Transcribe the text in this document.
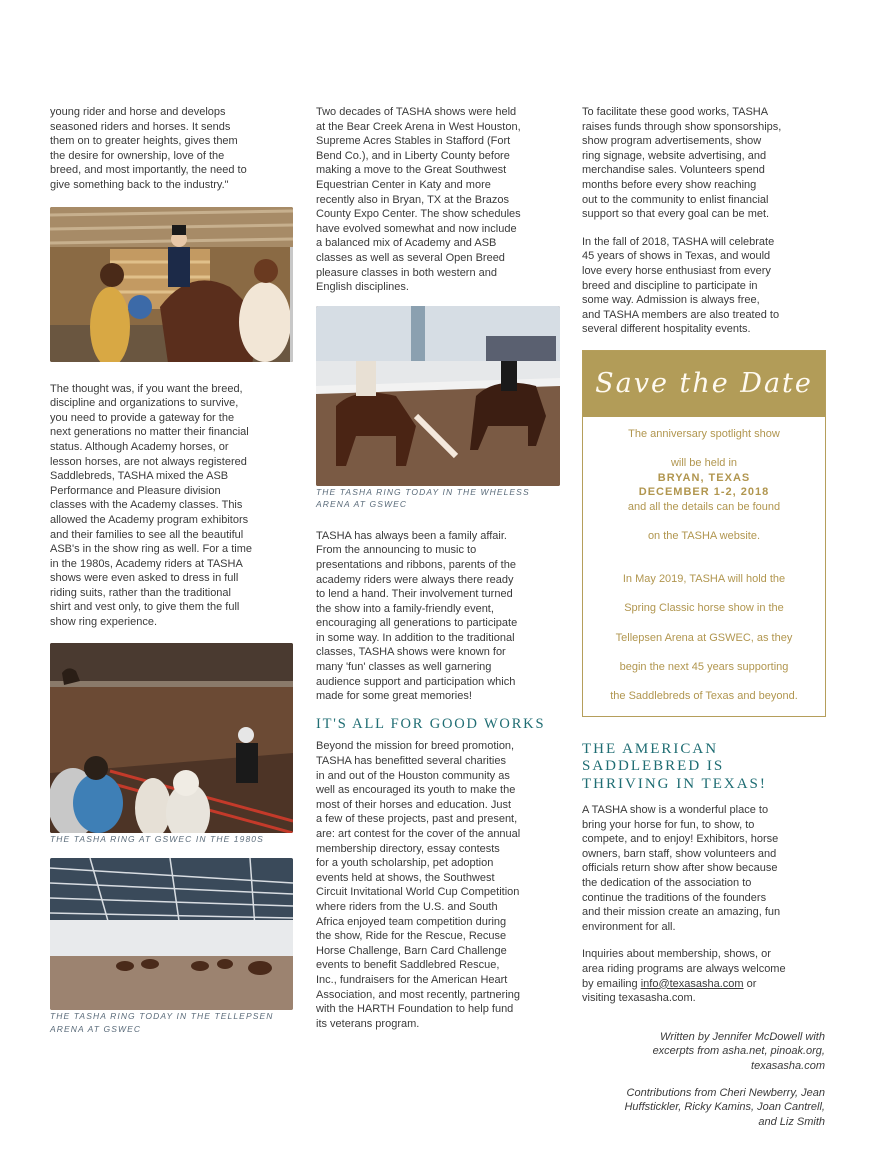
young rider and horse and develops
seasoned riders and horses. It sends
them on to greater heights, gives them
the desire for ownership, love of the
breed, and most importantly, the need to
give something back to the industry."

The thought was, if you want the breed,
discipline and organizations to survive,
you need to provide a gateway for the
next generations no matter their financial
status. Although Academy horses, or
lesson horses, are not always registered
Saddlebreds, TASHA mixed the ASB
Performance and Pleasure division
classes with the Academy classes. This
allowed the Academy program exhibitors
and their families to see all the beautiful
ASB's in the show ring as well. For a time
in the 1980s, Academy riders at TASHA
shows were even asked to dress in full
riding suits, rather than the traditional
shirt and vest only, to give them the full
show ring experience.

THE TASHA RING AT GSWEC IN THE 1980S

THE TASHA RING TODAY IN THE TELLEPSEN
ARENA AT GSWEC

Two decades of TASHA shows were held
at the Bear Creek Arena in West Houston,
Supreme Acres Stables in Stafford (Fort
Bend Co.), and in Liberty County before
making a move to the Great Southwest
Equestrian Center in Katy and more
recently also in Bryan, TX at the Brazos
County Expo Center. The show schedules
have evolved somewhat and now include
a balanced mix of Academy and ASB
classes as well as several Open Breed
pleasure classes in both western and
English disciplines.

THE TASHA RING TODAY IN THE WHELESS
ARENA AT GSWEC

TASHA has always been a family affair.
From the announcing to music to
presentations and ribbons, parents of the
academy riders were always there ready
to lend a hand. Their involvement turned
the show into a family-friendly event,
encouraging all generations to participate
in some way. In addition to the traditional
classes, TASHA shows were known for
many 'fun' classes as well garnering
audience support and participation which
made for some great memories!

IT'S ALL FOR GOOD WORKS

Beyond the mission for breed promotion,
TASHA has benefitted several charities
in and out of the Houston community as
well as encouraged its youth to make the
most of their horses and education. Just
a few of these projects, past and present,
are: art contest for the cover of the annual
membership directory, essay contests
for a youth scholarship, pet adoption
events held at shows, the Southwest
Circuit Invitational World Cup Competition
where riders from the U.S. and South
Africa enjoyed team competition during
the show, Ride for the Rescue, Recuse
Horse Challenge, Barn Card Challenge
events to benefit Saddlebred Rescue,
Inc., fundraisers for the American Heart
Association, and most recently, partnering
with the HARTH Foundation to help fund
its veterans program.

To facilitate these good works, TASHA
raises funds through show sponsorships,
show program advertisements, show
ring signage, website advertising, and
merchandise sales. Volunteers spend
months before every show reaching
out to the community to enlist financial
support so that every goal can be met.

In the fall of 2018, TASHA will celebrate
45 years of shows in Texas, and would
love every horse enthusiast from every
breed and discipline to participate in
some way. Admission is always free,
and TASHA members are also treated to
several different hospitality events.

Save the Date

The anniversary spotlight show

will be held in

BRYAN, TEXAS
DECEMBER 1-2, 2018

and all the details can be found

on the TASHA website.

In May 2019, TASHA will hold the

Spring Classic horse show in the

Tellepsen Arena at GSWEC, as they

begin the next 45 years supporting

the Saddlebreds of Texas and beyond.

THE AMERICAN
SADDLEBRED IS
THRIVING IN TEXAS!

A TASHA show is a wonderful place to
bring your horse for fun, to show, to
compete, and to enjoy! Exhibitors, horse
owners, barn staff, show volunteers and
officials return show after show because
the dedication of the association to
continue the traditions of the founders
and their mission create an amazing, fun
environment for all.

Inquiries about membership, shows, or
area riding programs are always welcome
by emailing info@texasasha.com or
visiting texasasha.com.

Written by Jennifer McDowell with
excerpts from asha.net, pinoak.org,
texasasha.com

Contributions from Cheri Newberry, Jean
Huffstickler, Ricky Kamins, Joan Cantrell,
and Liz Smith
